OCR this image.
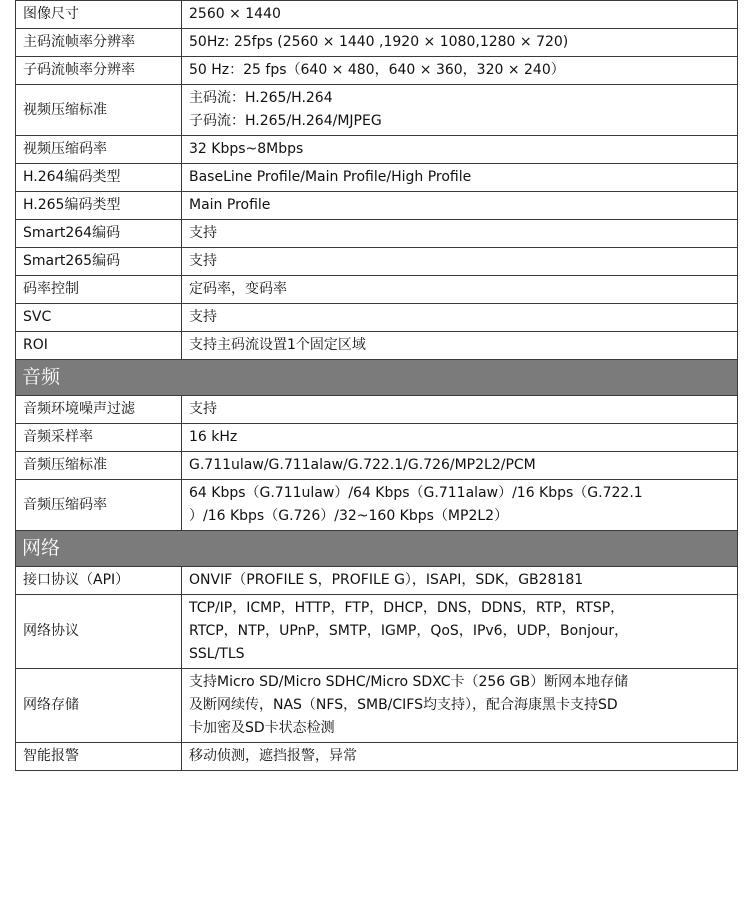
图像尺寸	2560 × 1440

主码流帧率分辨率	50Hz: 25fps (2560 × 1440 ,1920 × 1080,1280 × 720)

子码流帧率分辨率	50 Hz：25 fps（640 × 480，640 × 360，320 × 240）

视频压缩标准	主码流：H.265/H.264
子码流：H.265/H.264/MJPEG

视频压缩码率	32 Kbps~8Mbps

H.264编码类型	BaseLine Profile/Main Profile/High Profile

H.265编码类型	Main Profile

Smart264编码	支持

Smart265编码	支持

码率控制	定码率，变码率

SVC	支持

ROI	支持主码流设置1个固定区域

音频	
音频环境噪声过滤	支持

音频采样率	16 kHz

音频压缩标准	G.711ulaw/G.711alaw/G.722.1/G.726/MP2L2/PCM

音频压缩码率	64 Kbps（G.711ulaw）/64 Kbps（G.711alaw）/16 Kbps（G.722.1
）/16 Kbps（G.726）/32~160 Kbps（MP2L2）

网络	
接口协议（API）	ONVIF（PROFILE S，PROFILE G），ISAPI，SDK，GB28181

网络协议	TCP/IP，ICMP，HTTP，FTP，DHCP，DNS，DDNS，RTP，RTSP，
RTCP，NTP，UPnP，SMTP，IGMP，QoS，IPv6，UDP，Bonjour，
SSL/TLS

网络存储	支持Micro SD/Micro SDHC/Micro SDXC卡（256 GB）断网本地存储
及断网续传，NAS（NFS，SMB/CIFS均支持），配合海康黑卡支持SD
卡加密及SD卡状态检测

智能报警	移动侦测，遮挡报警，异常
